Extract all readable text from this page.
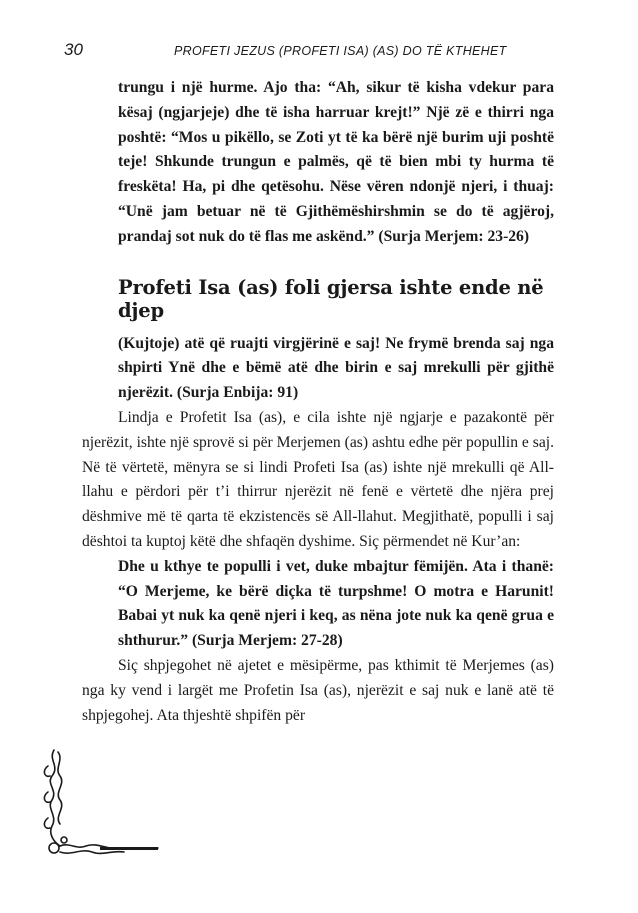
30	PROFETI JEZUS (PROFETI ISA) (AS) DO TË KTHEHET

trungu i një hurme. Ajo tha: “Ah, sikur të kisha vdekur para kësaj (ngjarjeje) dhe të isha harruar krejt!” Një zë e thirri nga poshtë: “Mos u pikëllo, se Zoti yt të ka bërë një burim uji poshtë teje! Shkunde trungun e palmës, që të bien mbi ty hurma të freskëta! Ha, pi dhe qetësohu. Nëse vëren ndonjë njeri, i thuaj: “Unë jam betuar në të Gjithëmëshirshmin se do të agjëroj, prandaj sot nuk do të flas me askënd.” (Surja Merjem: 23-26)

Profeti Isa (as) foli gjersa ishte ende në djep

(Kujtoje) atë që ruajti virgjërinë e saj! Ne frymë brenda saj nga shpirti Ynë dhe e bëmë atë dhe birin e saj mrekulli për gjithë njerëzit. (Surja Enbija: 91)

Lindja e Profetit Isa (as), e cila ishte një ngjarje e pazakontë për njerëzit, ishte një sprovë si për Merjemen (as) ashtu edhe për popullin e saj. Në të vërtetë, mënyra se si lindi Profeti Isa (as) ishte një mrekulli që All-llahu e përdori për t’i thirrur njerëzit në fenë e vërtetë dhe njëra prej dëshmive më të qarta të ekzistencës së All-llahut. Megjithatë, populli i saj dështoi ta kuptoj këtë dhe shfaqën dyshime. Siç përmendet në Kur’an:

Dhe u kthye te populli i vet, duke mbajtur fëmijën. Ata i thanë: “O Merjeme, ke bërë diçka të turpshme! O motra e Harunit! Babai yt nuk ka qenë njeri i keq, as nëna jote nuk ka qenë grua e shthurur.” (Surja Merjem: 27-28)

Siç shpjegohet në ajetet e mësipërme, pas kthimit të Merjemes (as) nga ky vend i largët me Profetin Isa (as), njerëzit e saj nuk e lanë atë të shpjegohej. Ata thjeshtë shpifën për
